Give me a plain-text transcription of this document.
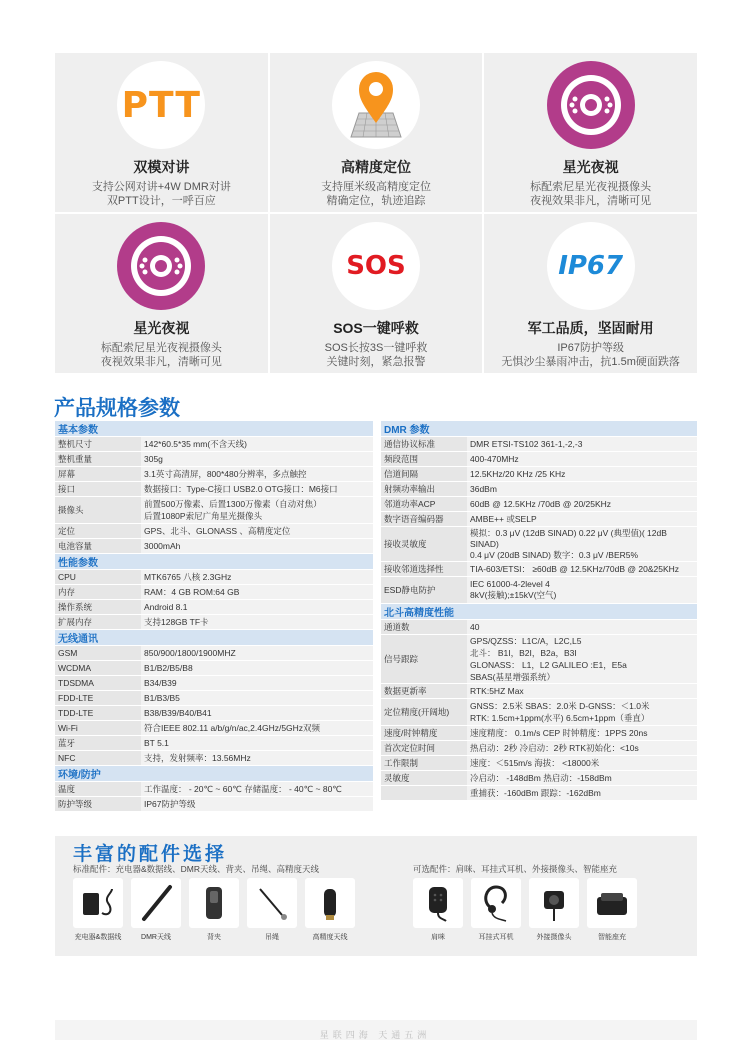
PTT
双模对讲
支持公网对讲+4W DMR对讲
双PTT设计，一呼百应
高精度定位
支持厘米级高精度定位
精确定位，轨迹追踪
星光夜视
标配索尼星光夜视摄像头
夜视效果非凡，清晰可见
星光夜视
标配索尼星光夜视摄像头
夜视效果非凡，清晰可见
SOS
SOS一键呼救
SOS长按3S一键呼救
关键时刻，紧急报警
IP67
军工品质，坚固耐用
IP67防护等级
无惧沙尘暴雨冲击，抗1.5m硬面跌落
产品规格参数
基本参数	
整机尺寸	142*60.5*35 mm(不含天线)

整机重量	305g

屏幕	3.1英寸高清屏，800*480分辨率，多点触控

接口	数据接口：Type-C接口 USB2.0 OTG接口：M6接口

摄像头	前置500万像素、后置1300万像素（自动对焦）
后置1080P索尼广角星光摄像头

定位	GPS、北斗、GLONASS 、高精度定位

电池容量	3000mAh

性能参数	
CPU	MTK6765 八核 2.3GHz

内存	RAM：4 GB ROM:64 GB

操作系统	Android 8.1

扩展内存	支持128GB TF卡

无线通讯	
GSM	850/900/1800/1900MHZ

WCDMA	B1/B2/B5/B8

TDSDMA	B34/B39

FDD-LTE	B1/B3/B5

TDD-LTE	B38/B39/B40/B41

Wi-Fi	符合IEEE 802.11 a/b/g/n/ac,2.4GHz/5GHz双频

蓝牙	BT 5.1

NFC	支持，发射频率：13.56MHz

环境/防护	
温度	工作温度： - 20℃ ~ 60℃ 存储温度： - 40℃ ~ 80℃

防护等级	IP67防护等级
DMR 参数	
通信协议标准	DMR ETSI-TS102 361-1,-2,-3

频段范围	400-470MHz

信道间隔	12.5KHz/20 KHz /25 KHz

射频功率输出	36dBm

邻道功率ACP	60dB @ 12.5KHz /70dB @ 20/25KHz

数字语音编码器	AMBE++ 或SELP

接收灵敏度	模拟：0.3 μV (12dB SINAD) 0.22 μV (典型值)( 12dB SINAD)
0.4 μV (20dB SINAD) 数字：0.3 μV /BER5%

接收邻道选择性	TIA-603/ETSI： ≥60dB @ 12.5KHz/70dB @ 20&25KHz

ESD静电防护	IEC 61000-4-2level 4
8kV(接触);±15kV(空气)

北斗高精度性能	
通道数	40

信号跟踪	GPS/QZSS：L1C/A，L2C,L5
北斗： B1I，B2I，B2a，B3I
GLONASS： L1，L2 GALILEO :E1，E5a
SBAS(基星增强系统）

数据更新率	RTK:5HZ Max

定位精度(开阔地)	GNSS：2.5米 SBAS：2.0米 D-GNSS：＜1.0米
RTK: 1.5cm+1ppm(水平) 6.5cm+1ppm（垂直）

速度/时钟精度	速度精度： 0.1m/s CEP 时钟精度：1PPS 20ns

首次定位时间	热启动：2秒 冷启动：2秒 RTK初始化：<10s

工作限制	速度：＜515m/s 海拔： <18000米

灵敏度	冷启动： -148dBm 热启动：-158dBm

	重捕获：-160dBm 跟踪：-162dBm
丰富的配件选择
标准配件：充电器&数据线、DMR天线、背夹、吊绳、高精度天线	可选配件：肩咪、耳挂式耳机、外接摄像头、智能座充
充电器&数据线	DMR天线	背夹	吊绳	高精度天线	肩咪	耳挂式耳机	外接摄像头	智能座充
星联四海 天通五洲
